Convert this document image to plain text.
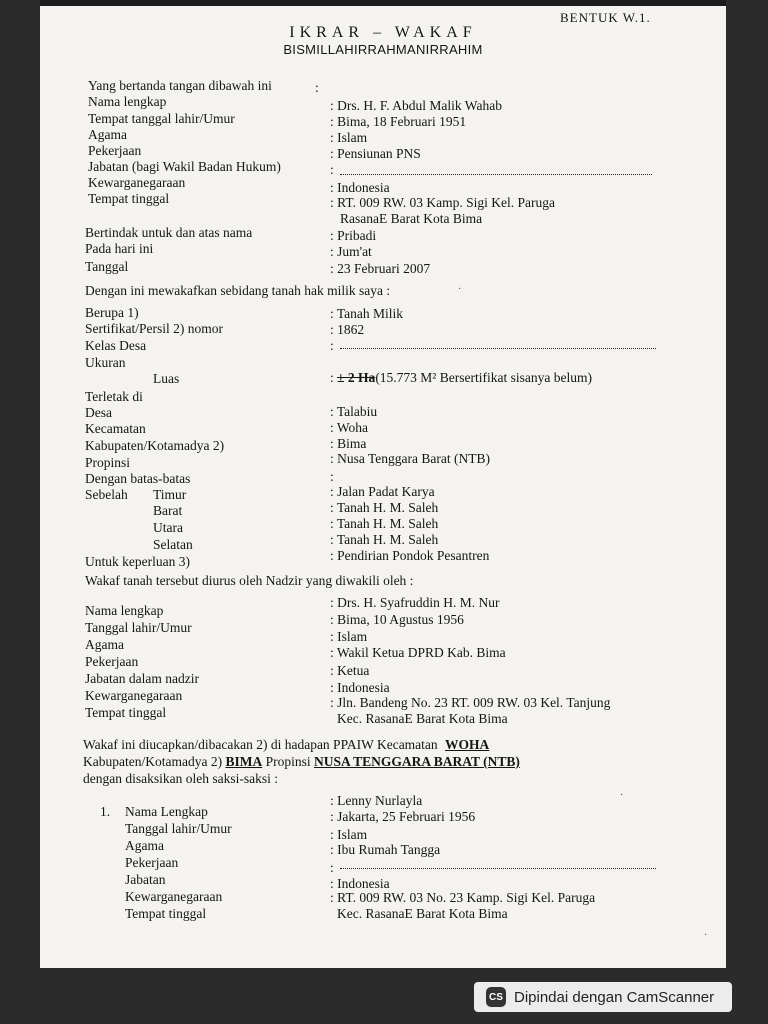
BENTUK W.1.
IKRAR – WAKAF
BISMILLAHIRRAHMANIRRAHIM
Yang bertanda tangan dibawah ini	:
Nama lengkap	: Drs. H. F. Abdul Malik Wahab
Tempat tanggal lahir/Umur	: Bima, 18 Februari 1951
Agama	: Islam
Pekerjaan	: Pensiunan PNS
Jabatan (bagi Wakil Badan Hukum)	:
Kewarganegaraan	: Indonesia
Tempat tinggal	: RT. 009 RW. 03 Kamp. Sigi Kel. Paruga
RasanaE Barat Kota Bima
Bertindak untuk dan atas nama	: Pribadi
Pada hari ini	: Jum'at
Tanggal	: 23 Februari 2007
Dengan ini mewakafkan sebidang tanah hak milik saya :	·
Berupa 1)	: Tanah Milik
Sertifikat/Persil 2) nomor	: 1862
Kelas Desa	:
Ukuran
Luas	: ± 2 Ha(15.773 M² Bersertifikat sisanya belum)
Terletak di
Desa	: Talabiu
Kecamatan	: Woha
Kabupaten/Kotamadya 2)	: Bima
Propinsi	: Nusa Tenggara Barat (NTB)
Dengan batas-batas	:
Sebelah Timur	: Jalan Padat Karya
Barat	: Tanah H. M. Saleh
Utara	: Tanah H. M. Saleh
Selatan	: Tanah H. M. Saleh
Untuk keperluan 3)	: Pendirian Pondok Pesantren
Wakaf tanah tersebut diurus oleh Nadzir yang diwakili oleh :
Nama lengkap
: Drs. H. Syafruddin H. M. Nur
Tanggal lahir/Umur
: Bima, 10 Agustus 1956
Agama
: Islam
Pekerjaan
: Wakil Ketua DPRD Kab. Bima
Jabatan dalam nadzir
: Ketua
Kewarganegaraan
: Indonesia
Tempat tinggal
: Jln. Bandeng No. 23 RT. 009 RW. 03 Kel. Tanjung
Kec. RasanaE Barat Kota Bima
Wakaf ini diucapkan/dibacakan 2) di hadapan PPAIW Kecamatan WOHA
Kabupaten/Kotamadya 2) BIMA Propinsi NUSA TENGGARA BARAT (NTB)
dengan disaksikan oleh saksi-saksi :
1. Nama Lengkap
: Lenny Nurlayla	·
Tanggal lahir/Umur
: Jakarta, 25 Februari 1956
Agama
: Islam
Pekerjaan
: Ibu Rumah Tangga
Jabatan
:
Kewarganegaraan
: Indonesia
Tempat tinggal
: RT. 009 RW. 03 No. 23 Kamp. Sigi Kel. Paruga
Kec. RasanaE Barat Kota Bima
·
CS Dipindai dengan CamScanner
